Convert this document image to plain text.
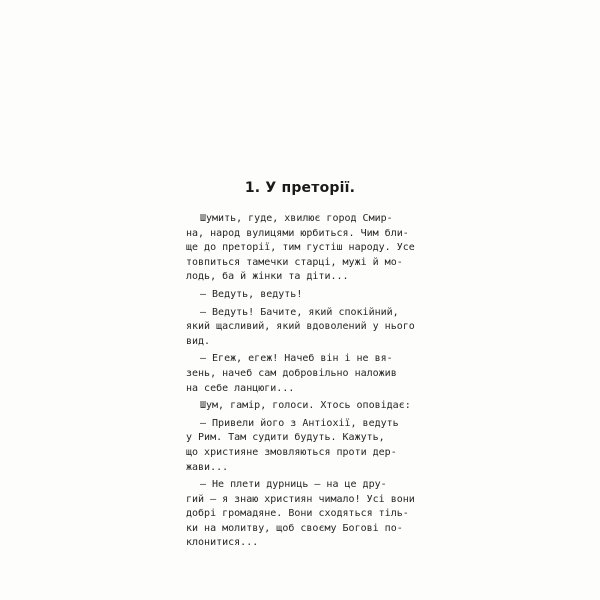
1. У преторії.
Шумить, гуде, хвилює город Смир-
на, народ вулицями юрбиться. Чим бли-
ще до преторії, тим густіш народу. Усе
товпиться тамечки старці, мужі й мо-
лодь, ба й жінки та діти...
— Ведуть, ведуть!
— Ведуть! Бачите, який спокійний,
який щасливий, який вдоволений у нього
вид.
— Егеж, егеж! Начеб він і не вя-
зень, начеб сам добровільно наложив
на себе ланцюги...
Шум, гамір, голоси. Хтось оповідає:
— Привели його з Антіохії, ведуть
у Рим. Там судити будуть. Кажуть,
що християне змовляються проти дер-
жави...
— Не плети дурниць — на це дру-
гий — я знаю християн чимало! Усі вони
добрі громадяне. Вони сходяться тіль-
ки на молитву, щоб своєму Богові по-
клонитися...
